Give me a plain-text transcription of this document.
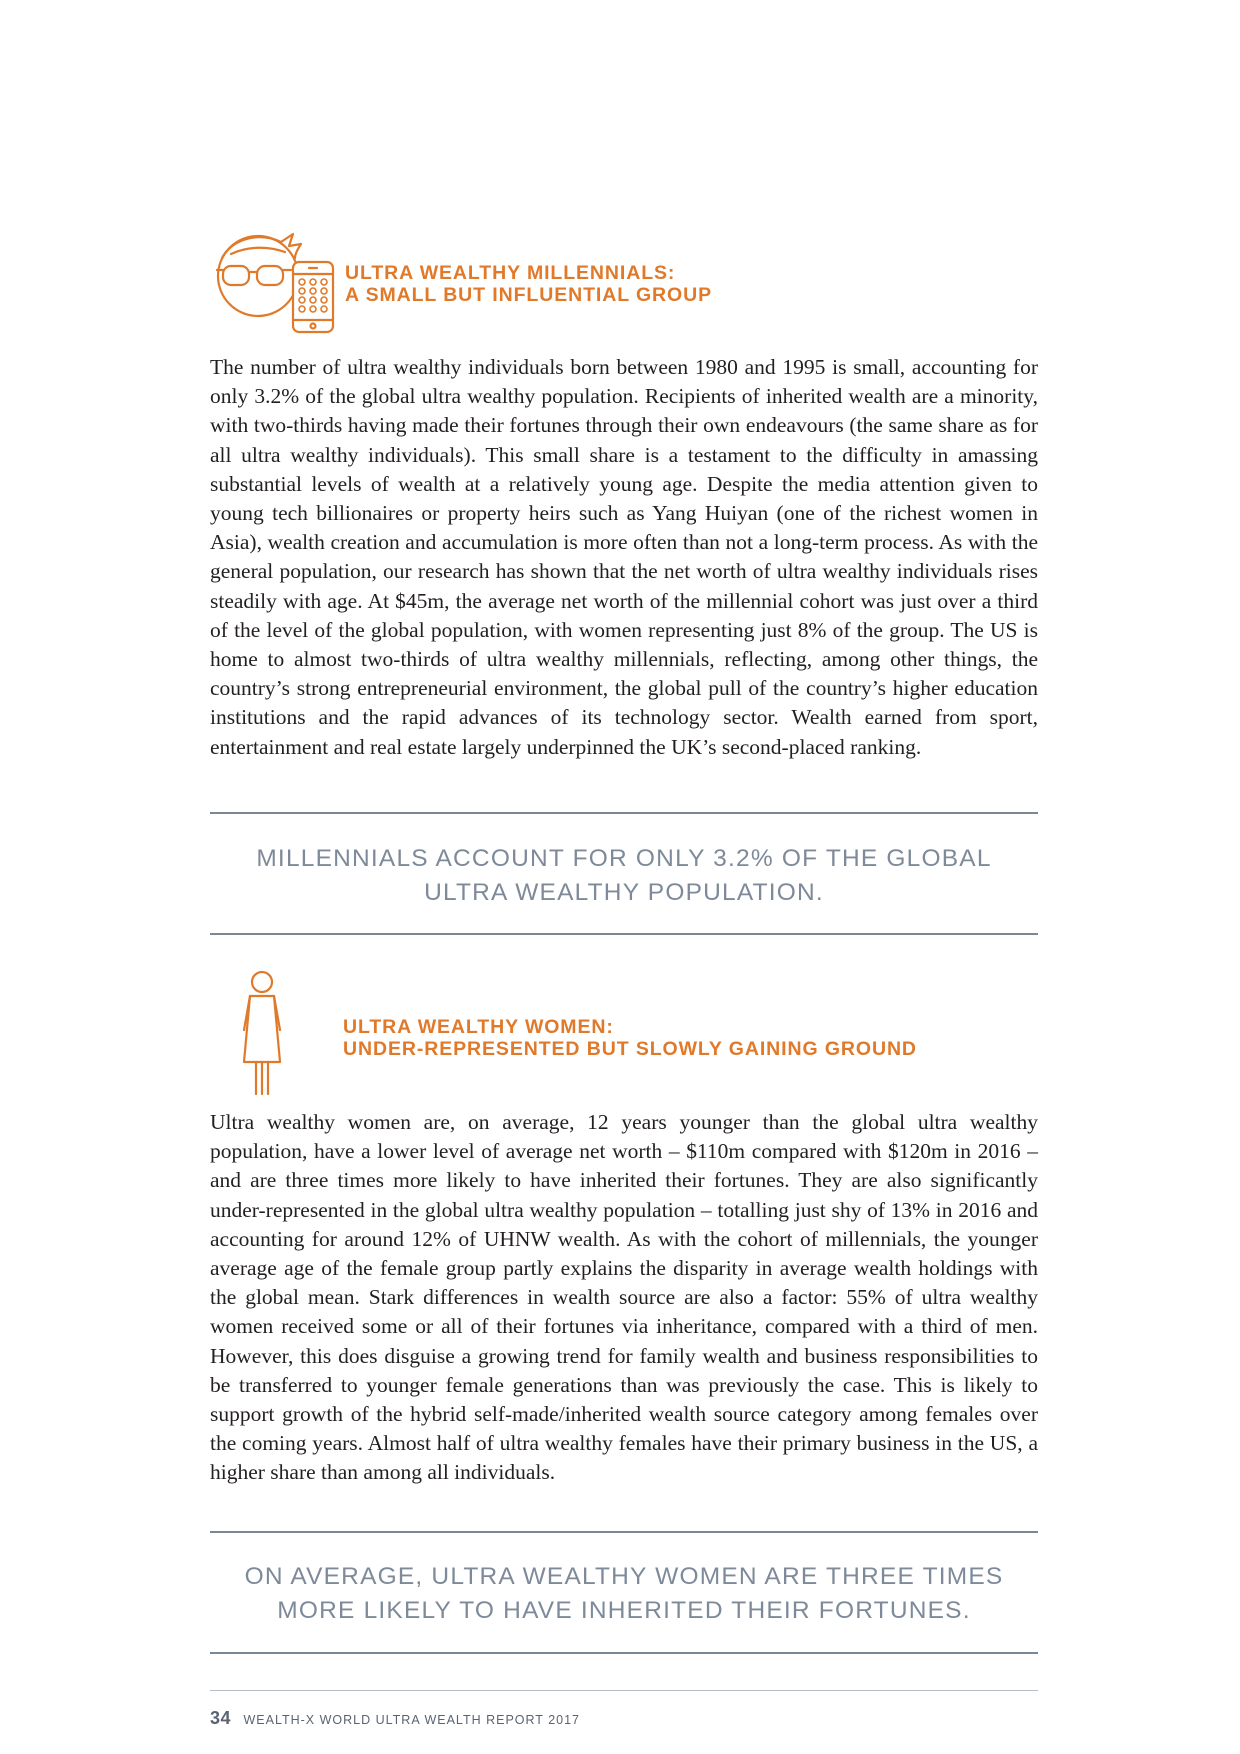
ULTRA WEALTHY MILLENNIALS:
A SMALL BUT INFLUENTIAL GROUP

The number of ultra wealthy individuals born between 1980 and 1995 is small, accounting for only 3.2% of the global ultra wealthy population. Recipients of inherited wealth are a minority, with two-thirds having made their fortunes through their own endeavours (the same share as for all ultra wealthy individuals). This small share is a testament to the difficulty in amassing substantial levels of wealth at a relatively young age. Despite the media attention given to young tech billionaires or property heirs such as Yang Huiyan (one of the richest women in Asia), wealth creation and accumulation is more often than not a long-term process. As with the general population, our research has shown that the net worth of ultra wealthy individuals rises steadily with age. At $45m, the average net worth of the millennial cohort was just over a third of the level of the global population, with women representing just 8% of the group. The US is home to almost two-thirds of ultra wealthy millennials, reflecting, among other things, the country’s strong entrepreneurial environment, the global pull of the country’s higher education institutions and the rapid advances of its technology sector. Wealth earned from sport, entertainment and real estate largely underpinned the UK’s second-placed ranking.

MILLENNIALS ACCOUNT FOR ONLY 3.2% OF THE GLOBAL
ULTRA WEALTHY POPULATION.

ULTRA WEALTHY WOMEN:
UNDER-REPRESENTED BUT SLOWLY GAINING GROUND

Ultra wealthy women are, on average, 12 years younger than the global ultra wealthy population, have a lower level of average net worth – $110m compared with $120m in 2016 – and are three times more likely to have inherited their fortunes. They are also significantly under-represented in the global ultra wealthy population – totalling just shy of 13% in 2016 and accounting for around 12% of UHNW wealth. As with the cohort of millennials, the younger average age of the female group partly explains the disparity in average wealth holdings with the global mean. Stark differences in wealth source are also a factor: 55% of ultra wealthy women received some or all of their fortunes via inheritance, compared with a third of men. However, this does disguise a growing trend for family wealth and business responsibilities to be transferred to younger female generations than was previously the case. This is likely to support growth of the hybrid self-made/inherited wealth source category among females over the coming years. Almost half of ultra wealthy females have their primary business in the US, a higher share than among all individuals.

ON AVERAGE, ULTRA WEALTHY WOMEN ARE THREE TIMES
MORE LIKELY TO HAVE INHERITED THEIR FORTUNES.

34 WEALTH-X WORLD ULTRA WEALTH REPORT 2017
